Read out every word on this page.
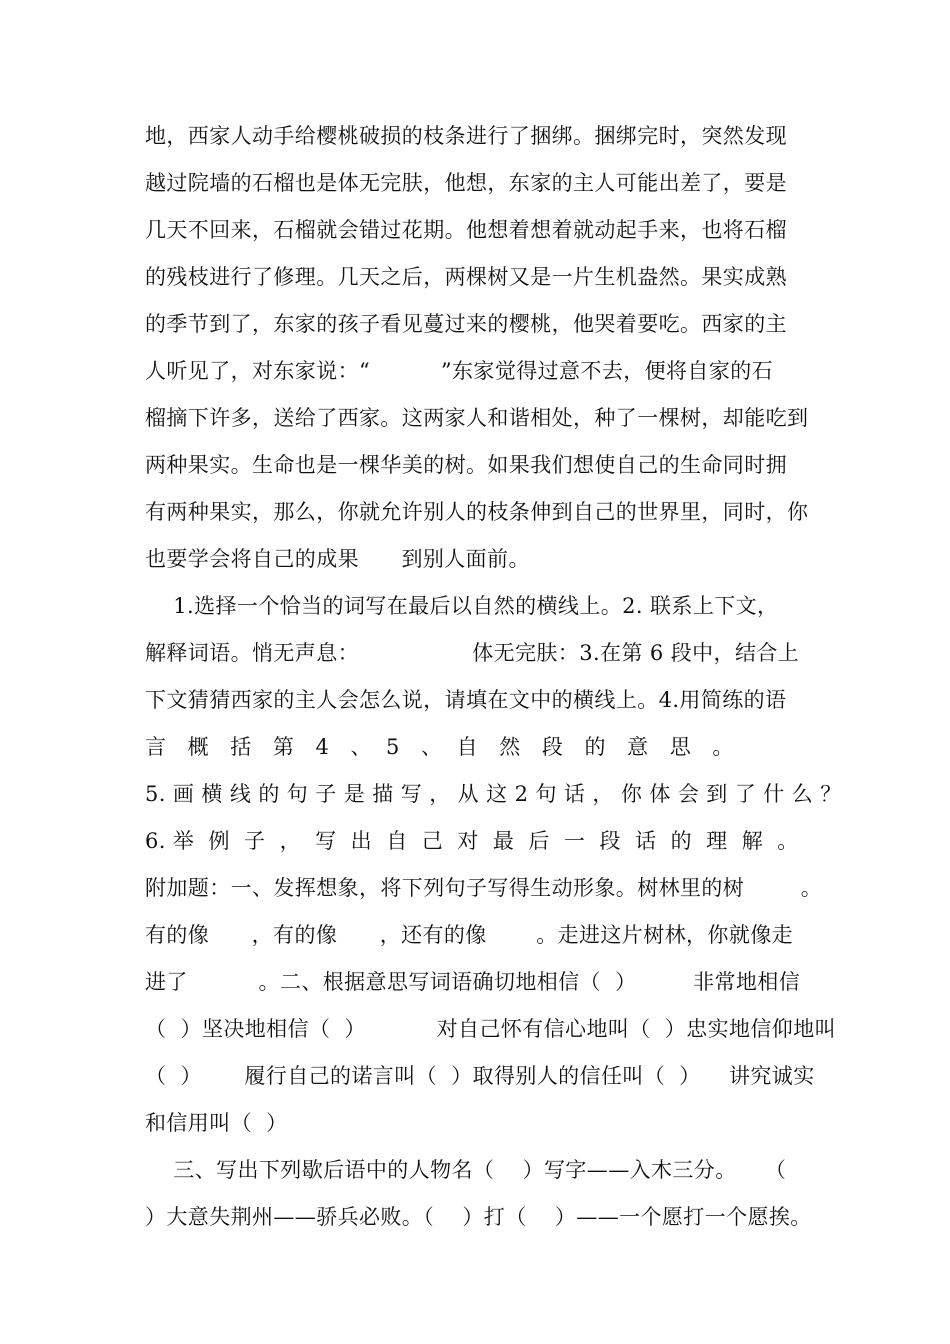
地，西家人动手给樱桃破损的枝条进行了捆绑。捆绑完时，突然发现
越过院墙的石榴也是体无完肤，他想，东家的主人可能出差了，要是
几天不回来，石榴就会错过花期。他想着想着就动起手来，也将石榴
的残枝进行了修理。几天之后，两棵树又是一片生机盎然。果实成熟
的季节到了，东家的孩子看见蔓过来的樱桃，他哭着要吃。西家的主
人听见了，对东家说：“          ”东家觉得过意不去，便将自家的石
榴摘下许多，送给了西家。这两家人和谐相处，种了一棵树，却能吃到
两种果实。生命也是一棵华美的树。如果我们想使自己的生命同时拥
有两种果实，那么，你就允许别人的枝条伸到自己的世界里，同时，你
也要学会将自己的成果      到别人面前。
1.选择一个恰当的词写在最后以自然的横线上。2. 联系上下文，
解释词语。悄无声息：                体无完肤：3.在第 6 段中，结合上
下文猜猜西家的主人会怎么说，请填在文中的横线上。4.用简练的语
言   概   括   第   4   、  5   、  自   然   段   的   意   思   。
5. 画 横 线 的 句 子 是 描 写 ， 从 这 2 句 话 ， 你 体 会 到 了 什 么 ？
6. 举  例  子  ，  写  出  自  己  对  最  后  一  段  话  的  理  解  。
附加题：一、发挥想象，将下列句子写得生动形象。树林里的树        。
有的像      ，有的像      ，还有的像       。走进这片树林，你就像走
进了          。二、根据意思写词语确切地相信（  ）        非常地相信
（  ）坚决地相信（  ）          对自己怀有信心地叫（  ）忠实地信仰地叫
（  ）      履行自己的诺言叫（  ）取得别人的信任叫（  ）    讲究诚实
和信用叫（  ）
三、写出下列歇后语中的人物名（    ）写字——入木三分。    （
）大意失荆州——骄兵必败。（    ）打（    ）——一个愿打一个愿挨。
